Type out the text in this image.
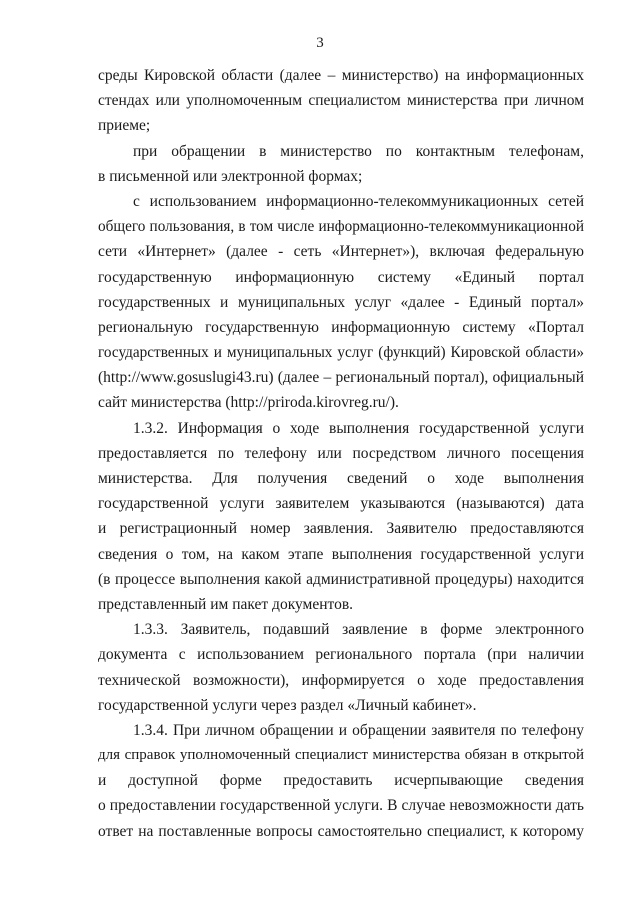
3

среды Кировской области (далее – министерство) на информационных

стендах или уполномоченным специалистом министерства при личном

приеме;

при обращении в министерство по контактным телефонам,

в письменной или электронной формах;

с использованием информационно-телекоммуникационных сетей

общего пользования, в том числе информационно-телекоммуникационной

сети «Интернет» (далее - сеть «Интернет»), включая федеральную

государственную информационную систему «Единый портал

государственных и муниципальных услуг «далее - Единый портал»

региональную государственную информационную систему «Портал

государственных и муниципальных услуг (функций) Кировской области»

(http://www.gosuslugi43.ru) (далее – региональный портал), официальный

сайт министерства (http://priroda.kirovreg.ru/).

1.3.2. Информация о ходе выполнения государственной услуги

предоставляется по телефону или посредством личного посещения

министерства. Для получения сведений о ходе выполнения

государственной услуги заявителем указываются (называются) дата

и регистрационный номер заявления. Заявителю предоставляются

сведения о том, на каком этапе выполнения государственной услуги

(в процессе выполнения какой административной процедуры) находится

представленный им пакет документов.

1.3.3. Заявитель, подавший заявление в форме электронного

документа с использованием регионального портала (при наличии

технической возможности), информируется о ходе предоставления

государственной услуги через раздел «Личный кабинет».

1.3.4. При личном обращении и обращении заявителя по телефону

для справок уполномоченный специалист министерства обязан в открытой

и доступной форме предоставить исчерпывающие сведения

о предоставлении государственной услуги. В случае невозможности дать

ответ на поставленные вопросы самостоятельно специалист, к которому
